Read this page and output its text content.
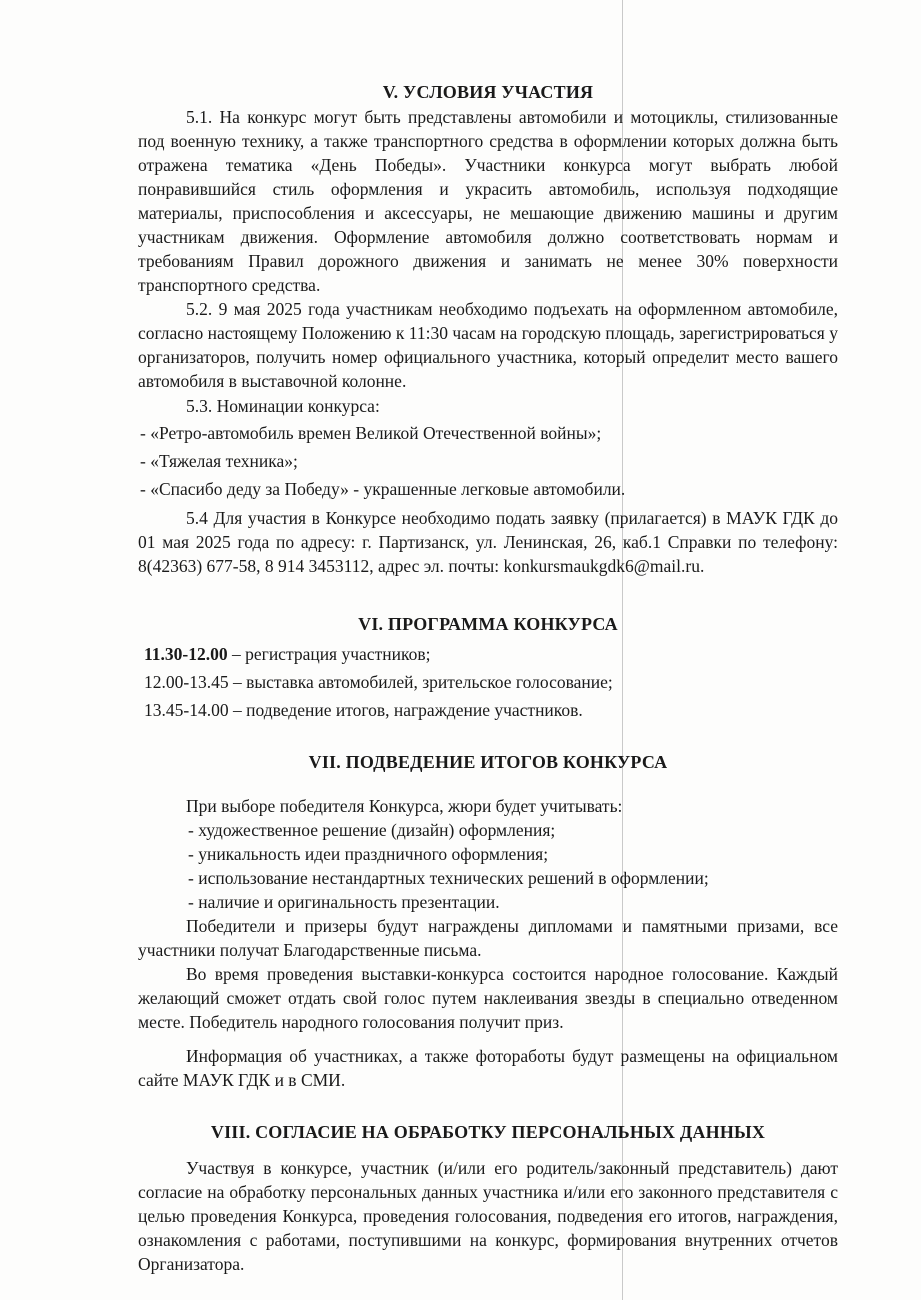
V. УСЛОВИЯ УЧАСТИЯ

5.1. На конкурс могут быть представлены автомобили и мотоциклы, стилизованные под военную технику, а также транспортного средства в оформлении которых должна быть отражена тематика «День Победы». Участники конкурса могут выбрать любой понравившийся стиль оформления и украсить автомобиль, используя подходящие материалы, приспособления и аксессуары, не мешающие движению машины и другим участникам движения. Оформление автомобиля должно соответствовать нормам и требованиям Правил дорожного движения и занимать не менее 30% поверхности транспортного средства.

5.2. 9 мая 2025 года участникам необходимо подъехать на оформленном автомобиле, согласно настоящему Положению к 11:30 часам на городскую площадь, зарегистрироваться у организаторов, получить номер официального участника, который определит место вашего автомобиля в выставочной колонне.

5.3. Номинации конкурса:

- «Ретро-автомобиль времен Великой Отечественной войны»;

- «Тяжелая техника»;

- «Спасибо деду за Победу» - украшенные легковые автомобили.

5.4 Для участия в Конкурсе необходимо подать заявку (прилагается) в МАУК ГДК до 01 мая 2025 года по адресу: г. Партизанск, ул. Ленинская, 26, каб.1 Справки по телефону: 8(42363) 677-58, 8 914 3453112, адрес эл. почты: konkursmaukgdk6@mail.ru.

VI. ПРОГРАММА КОНКУРСА

11.30-12.00 – регистрация участников;

12.00-13.45 – выставка автомобилей, зрительское голосование;

13.45-14.00 – подведение итогов, награждение участников.

VII. ПОДВЕДЕНИЕ ИТОГОВ КОНКУРСА

При выборе победителя Конкурса, жюри будет учитывать:

- художественное решение (дизайн) оформления;

- уникальность идеи праздничного оформления;

- использование нестандартных технических решений в оформлении;

- наличие и оригинальность презентации.

Победители и призеры будут награждены дипломами и памятными призами, все участники получат Благодарственные письма.

Во время проведения выставки-конкурса состоится народное голосование. Каждый желающий сможет отдать свой голос путем наклеивания звезды в специально отведенном месте. Победитель народного голосования получит приз.

Информация об участниках, а также фотоработы будут размещены на официальном сайте МАУК ГДК и в СМИ.

VIII. СОГЛАСИЕ НА ОБРАБОТКУ ПЕРСОНАЛЬНЫХ ДАННЫХ

Участвуя в конкурсе, участник (и/или его родитель/законный представитель) дают согласие на обработку персональных данных участника и/или его законного представителя с целью проведения Конкурса, проведения голосования, подведения его итогов, награждения, ознакомления с работами, поступившими на конкурс, формирования внутренних отчетов Организатора.
